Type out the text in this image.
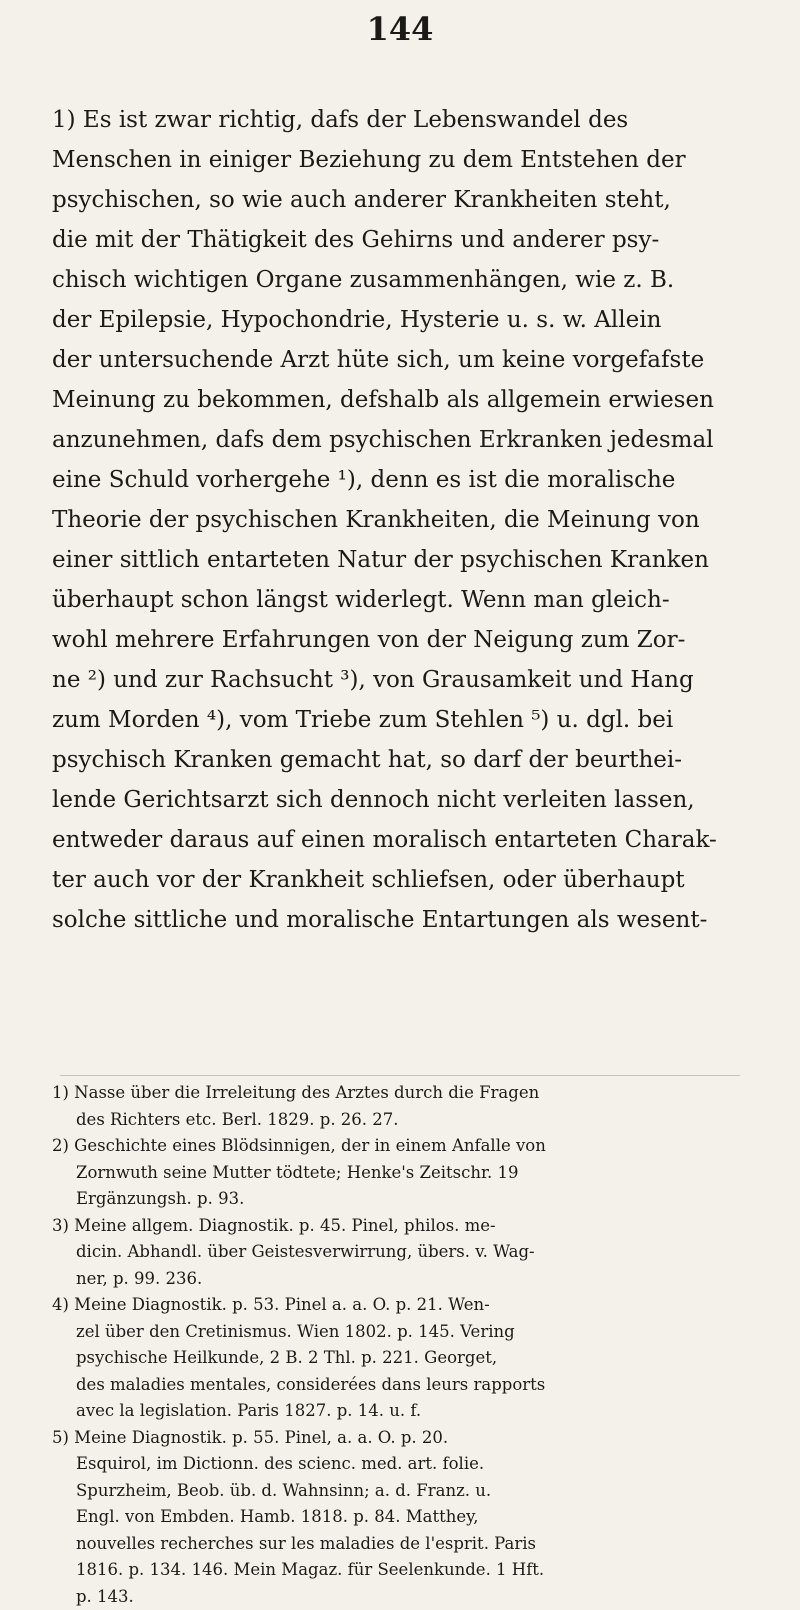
144
1) Es ist zwar richtig, dafs der Lebenswandel des
Menschen in einiger Beziehung zu dem Entstehen der
psychischen, so wie auch anderer Krankheiten steht,
die mit der Thätigkeit des Gehirns und anderer psy-
chisch wichtigen Organe zusammenhängen, wie z. B.
der Epilepsie, Hypochondrie, Hysterie u. s. w. Allein
der untersuchende Arzt hüte sich, um keine vorgefafste
Meinung zu bekommen, defshalb als allgemein erwiesen
anzunehmen, dafs dem psychischen Erkranken jedesmal
eine Schuld vorhergehe ¹), denn es ist die moralische
Theorie der psychischen Krankheiten, die Meinung von
einer sittlich entarteten Natur der psychischen Kranken
überhaupt schon längst widerlegt. Wenn man gleich-
wohl mehrere Erfahrungen von der Neigung zum Zor-
ne ²) und zur Rachsucht ³), von Grausamkeit und Hang
zum Morden ⁴), vom Triebe zum Stehlen ⁵) u. dgl. bei
psychisch Kranken gemacht hat, so darf der beurthei-
lende Gerichtsarzt sich dennoch nicht verleiten lassen,
entweder daraus auf einen moralisch entarteten Charak-
ter auch vor der Krankheit schliefsen, oder überhaupt
solche sittliche und moralische Entartungen als wesent-
1) Nasse über die Irreleitung des Arztes durch die Fragen
des Richters etc. Berl. 1829. p. 26. 27.
2) Geschichte eines Blödsinnigen, der in einem Anfalle von
Zornwuth seine Mutter tödtete; Henke's Zeitschr. 19
Ergänzungsh. p. 93.
3) Meine allgem. Diagnostik. p. 45. Pinel, philos. me-
dicin. Abhandl. über Geistesverwirrung, übers. v. Wag-
ner, p. 99. 236.
4) Meine Diagnostik. p. 53. Pinel a. a. O. p. 21. Wen-
zel über den Cretinismus. Wien 1802. p. 145. Vering
psychische Heilkunde, 2 B. 2 Thl. p. 221. Georget,
des maladies mentales, considerées dans leurs rapports
avec la legislation. Paris 1827. p. 14. u. f.
5) Meine Diagnostik. p. 55. Pinel, a. a. O. p. 20.
Esquirol, im Dictionn. des scienc. med. art. folie.
Spurzheim, Beob. üb. d. Wahnsinn; a. d. Franz. u.
Engl. von Embden. Hamb. 1818. p. 84. Matthey,
nouvelles recherches sur les maladies de l'esprit. Paris
1816. p. 134. 146. Mein Magaz. für Seelenkunde. 1 Hft.
p. 143.
